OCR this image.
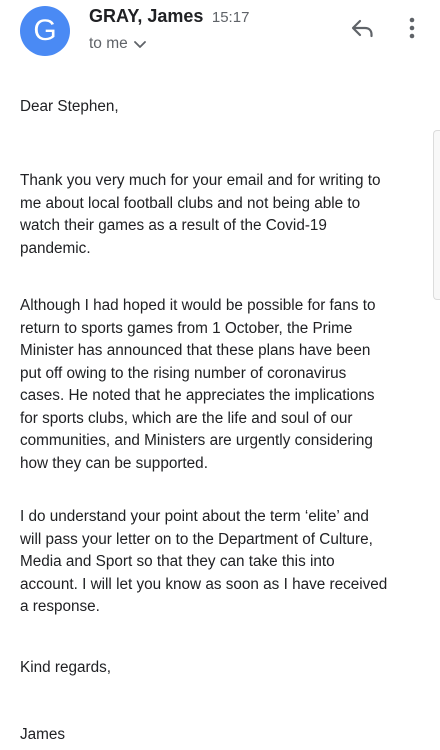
G	GRAY, James 15:17
to me

Dear Stephen,

Thank you very much for your email and for writing to
me about local football clubs and not being able to
watch their games as a result of the Covid-19
pandemic.

Although I had hoped it would be possible for fans to
return to sports games from 1 October, the Prime
Minister has announced that these plans have been
put off owing to the rising number of coronavirus
cases. He noted that he appreciates the implications
for sports clubs, which are the life and soul of our
communities, and Ministers are urgently considering
how they can be supported.

I do understand your point about the term ‘elite’ and
will pass your letter on to the Department of Culture,
Media and Sport so that they can take this into
account. I will let you know as soon as I have received
a response.

Kind regards,

James
